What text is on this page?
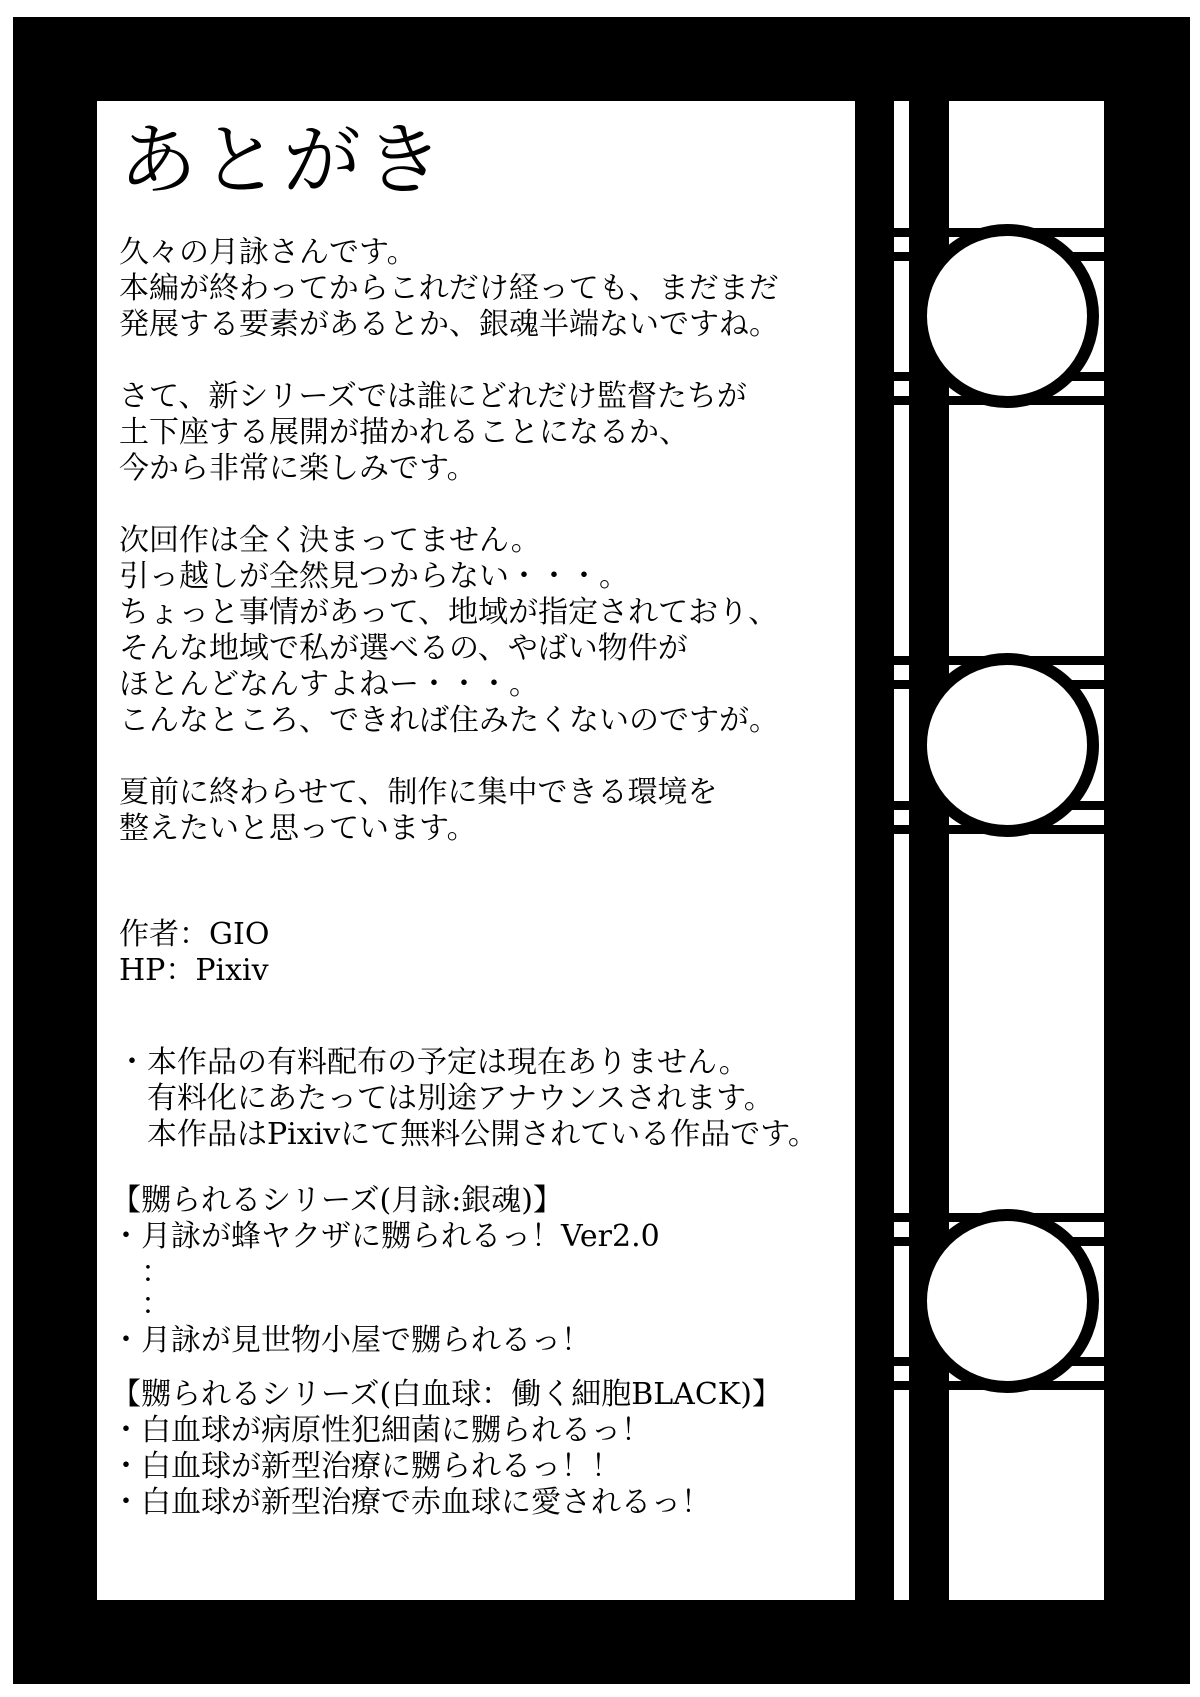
あとがき
久々の月詠さんです。
本編が終わってからこれだけ経っても、まだまだ
発展する要素があるとか、銀魂半端ないですね。
さて、新シリーズでは誰にどれだけ監督たちが
土下座する展開が描かれることになるか、
今から非常に楽しみです。
次回作は全く決まってません。
引っ越しが全然見つからない・・・。
ちょっと事情があって、地域が指定されており、
そんな地域で私が選べるの、やばい物件が
ほとんどなんすよねー・・・。
こんなところ、できれば住みたくないのですが。
夏前に終わらせて、制作に集中できる環境を
整えたいと思っています。
作者：GIO
HP：Pixiv
・本作品の有料配布の予定は現在ありません。
　有料化にあたっては別途アナウンスされます。
　本作品はPixivにて無料公開されている作品です。
【嬲られるシリーズ(月詠:銀魂)】
・月詠が蜂ヤクザに嬲られるっ！Ver2.0
　：
　：
・月詠が見世物小屋で嬲られるっ！
【嬲られるシリーズ(白血球：働く細胞BLACK)】
・白血球が病原性犯細菌に嬲られるっ！
・白血球が新型治療に嬲られるっ！！
・白血球が新型治療で赤血球に愛されるっ！
